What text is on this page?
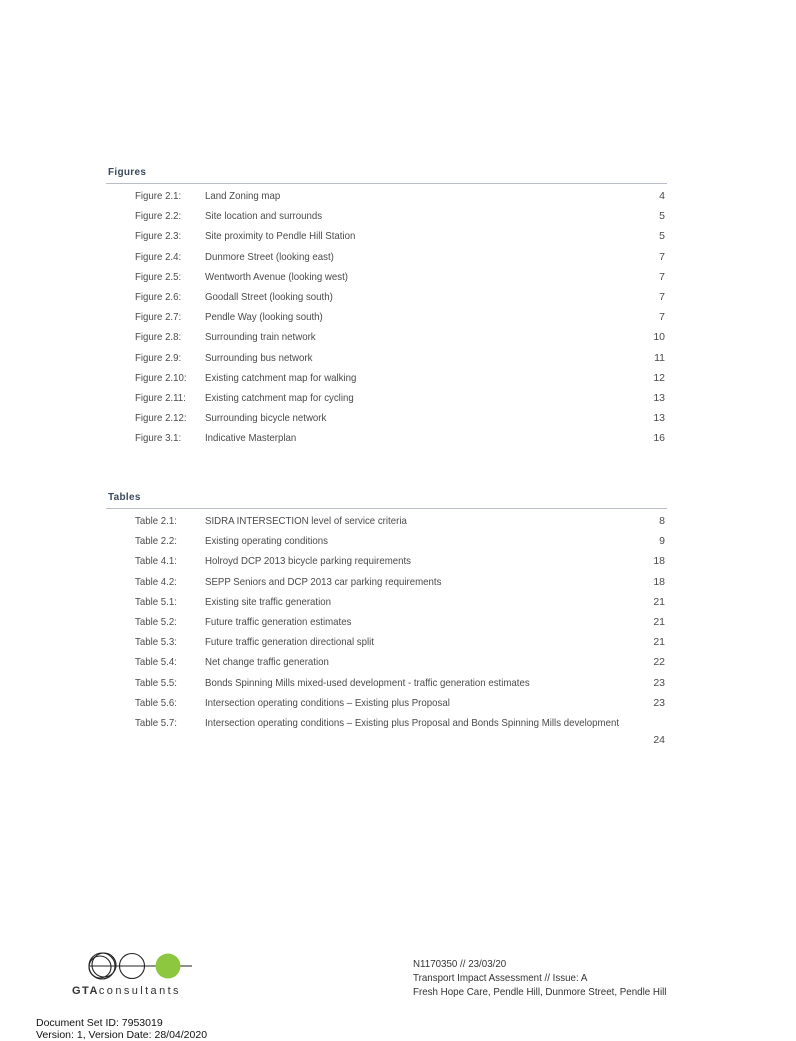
Figures
Figure 2.1: Land Zoning map	4
Figure 2.2: Site location and surrounds	5
Figure 2.3: Site proximity to Pendle Hill Station	5
Figure 2.4: Dunmore Street (looking east)	7
Figure 2.5: Wentworth Avenue (looking west)	7
Figure 2.6: Goodall Street (looking south)	7
Figure 2.7: Pendle Way (looking south)	7
Figure 2.8: Surrounding train network	10
Figure 2.9: Surrounding bus network	11
Figure 2.10: Existing catchment map for walking	12
Figure 2.11: Existing catchment map for cycling	13
Figure 2.12: Surrounding bicycle network	13
Figure 3.1: Indicative Masterplan	16
Tables
Table 2.1:	SIDRA INTERSECTION level of service criteria	8
Table 2.2:	Existing operating conditions	9
Table 4.1:	Holroyd DCP 2013 bicycle parking requirements	18
Table 4.2:	SEPP Seniors and DCP 2013 car parking requirements	18
Table 5.1:	Existing site traffic generation	21
Table 5.2:	Future traffic generation estimates	21
Table 5.3:	Future traffic generation directional split	21
Table 5.4:	Net change traffic generation	22
Table 5.5:	Bonds Spinning Mills mixed-used development - traffic generation estimates	23
Table 5.6:	Intersection operating conditions – Existing plus Proposal	23
Table 5.7:	Intersection operating conditions – Existing plus Proposal and Bonds Spinning Mills development
24
GTAconsultants
N1170350 // 23/03/20
Transport Impact Assessment // Issue: A
Fresh Hope Care, Pendle Hill, Dunmore Street, Pendle Hill
Document Set ID: 7953019
Version: 1, Version Date: 28/04/2020
